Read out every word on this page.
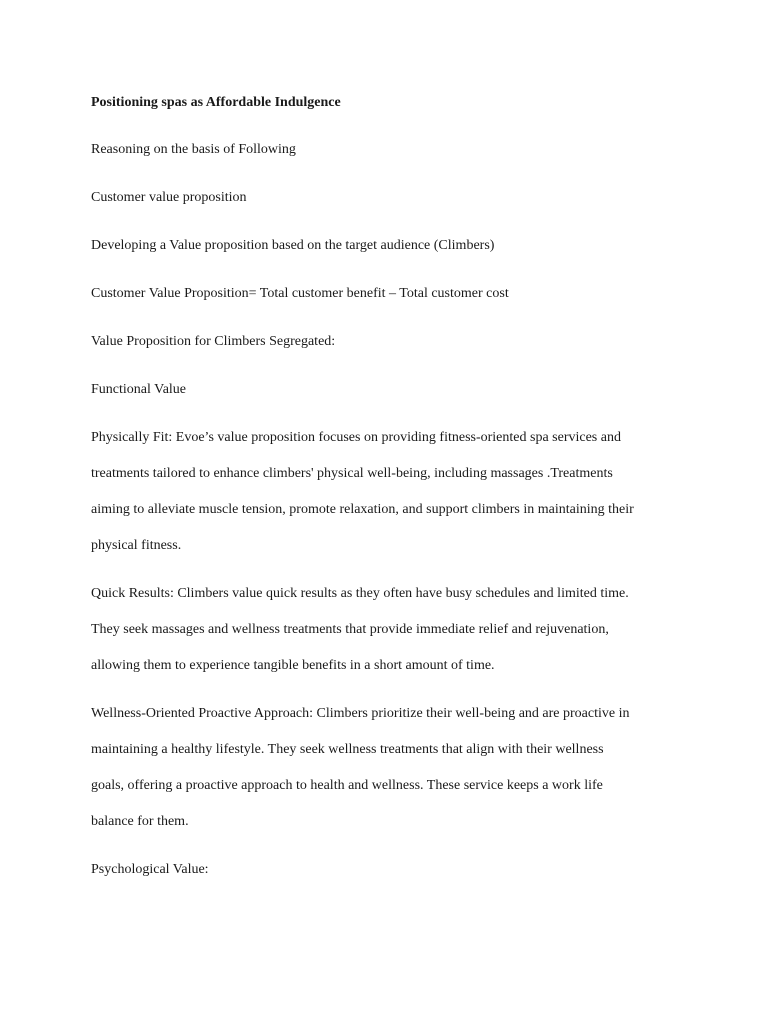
Positioning spas as Affordable Indulgence
Reasoning on the basis of Following
Customer value proposition
Developing a Value proposition based on the target audience (Climbers)
Customer Value Proposition= Total customer benefit – Total customer cost
Value Proposition for Climbers Segregated:
Functional Value
Physically Fit: Evoe’s value proposition focuses on providing fitness-oriented spa services and
treatments tailored to enhance climbers' physical well-being, including massages .Treatments
aiming to alleviate muscle tension, promote relaxation, and support climbers in maintaining their
physical fitness.
Quick Results: Climbers value quick results as they often have busy schedules and limited time.
They seek massages and wellness treatments that provide immediate relief and rejuvenation,
allowing them to experience tangible benefits in a short amount of time.
Wellness-Oriented Proactive Approach: Climbers prioritize their well-being and are proactive in
maintaining a healthy lifestyle. They seek wellness treatments that align with their wellness
goals, offering a proactive approach to health and wellness. These service keeps a work life
balance for them.
Psychological Value:
